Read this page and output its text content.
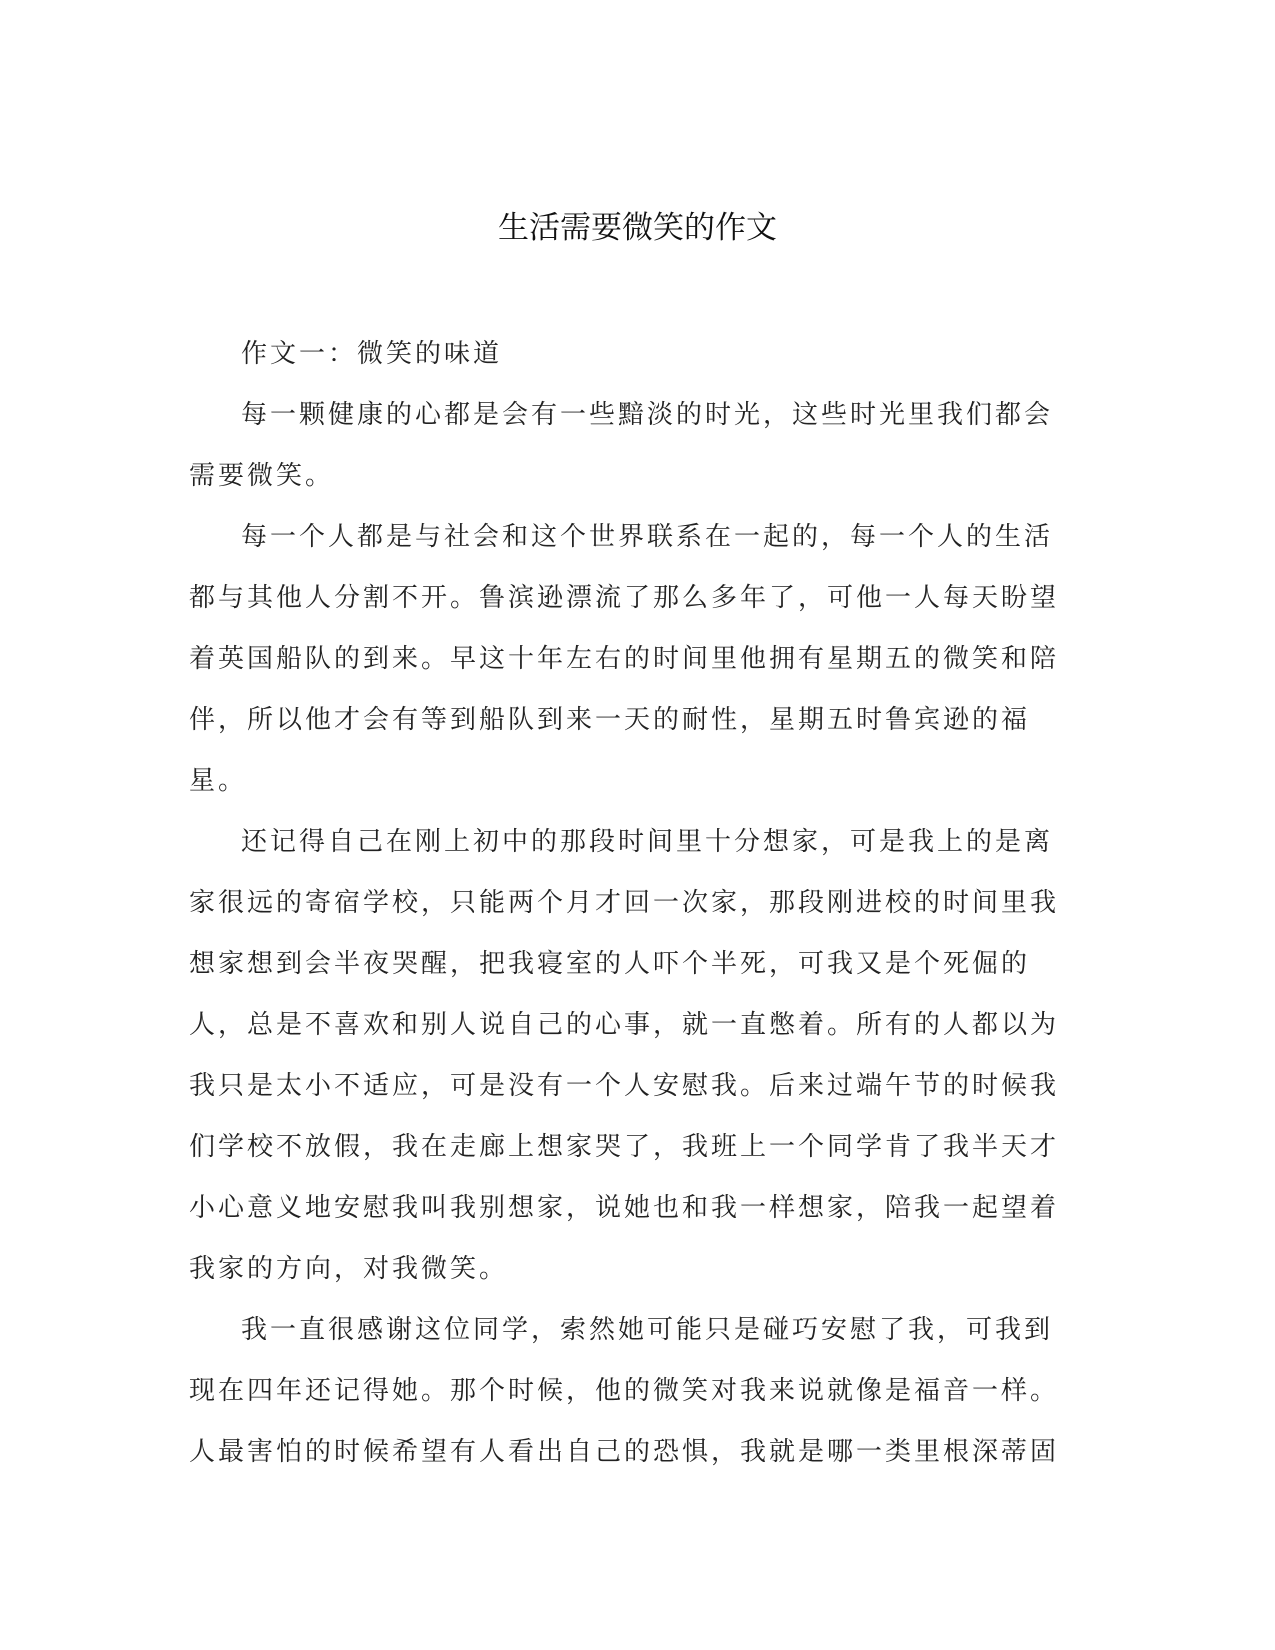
生活需要微笑的作文

作文一：微笑的味道

每一颗健康的心都是会有一些黯淡的时光，这些时光里我们都会需要微笑。

每一个人都是与社会和这个世界联系在一起的，每一个人的生活都与其他人分割不开。鲁滨逊漂流了那么多年了，可他一人每天盼望着英国船队的到来。早这十年左右的时间里他拥有星期五的微笑和陪伴，所以他才会有等到船队到来一天的耐性，星期五时鲁宾逊的福星。

还记得自己在刚上初中的那段时间里十分想家，可是我上的是离家很远的寄宿学校，只能两个月才回一次家，那段刚进校的时间里我想家想到会半夜哭醒，把我寝室的人吓个半死，可我又是个死倔的人，总是不喜欢和别人说自己的心事，就一直憋着。所有的人都以为我只是太小不适应，可是没有一个人安慰我。后来过端午节的时候我们学校不放假，我在走廊上想家哭了，我班上一个同学肯了我半天才小心意义地安慰我叫我别想家，说她也和我一样想家，陪我一起望着我家的方向，对我微笑。

我一直很感谢这位同学，索然她可能只是碰巧安慰了我，可我到现在四年还记得她。那个时候，他的微笑对我来说就像是福音一样。人最害怕的时候希望有人看出自己的恐惧，我就是哪一类里根深蒂固
